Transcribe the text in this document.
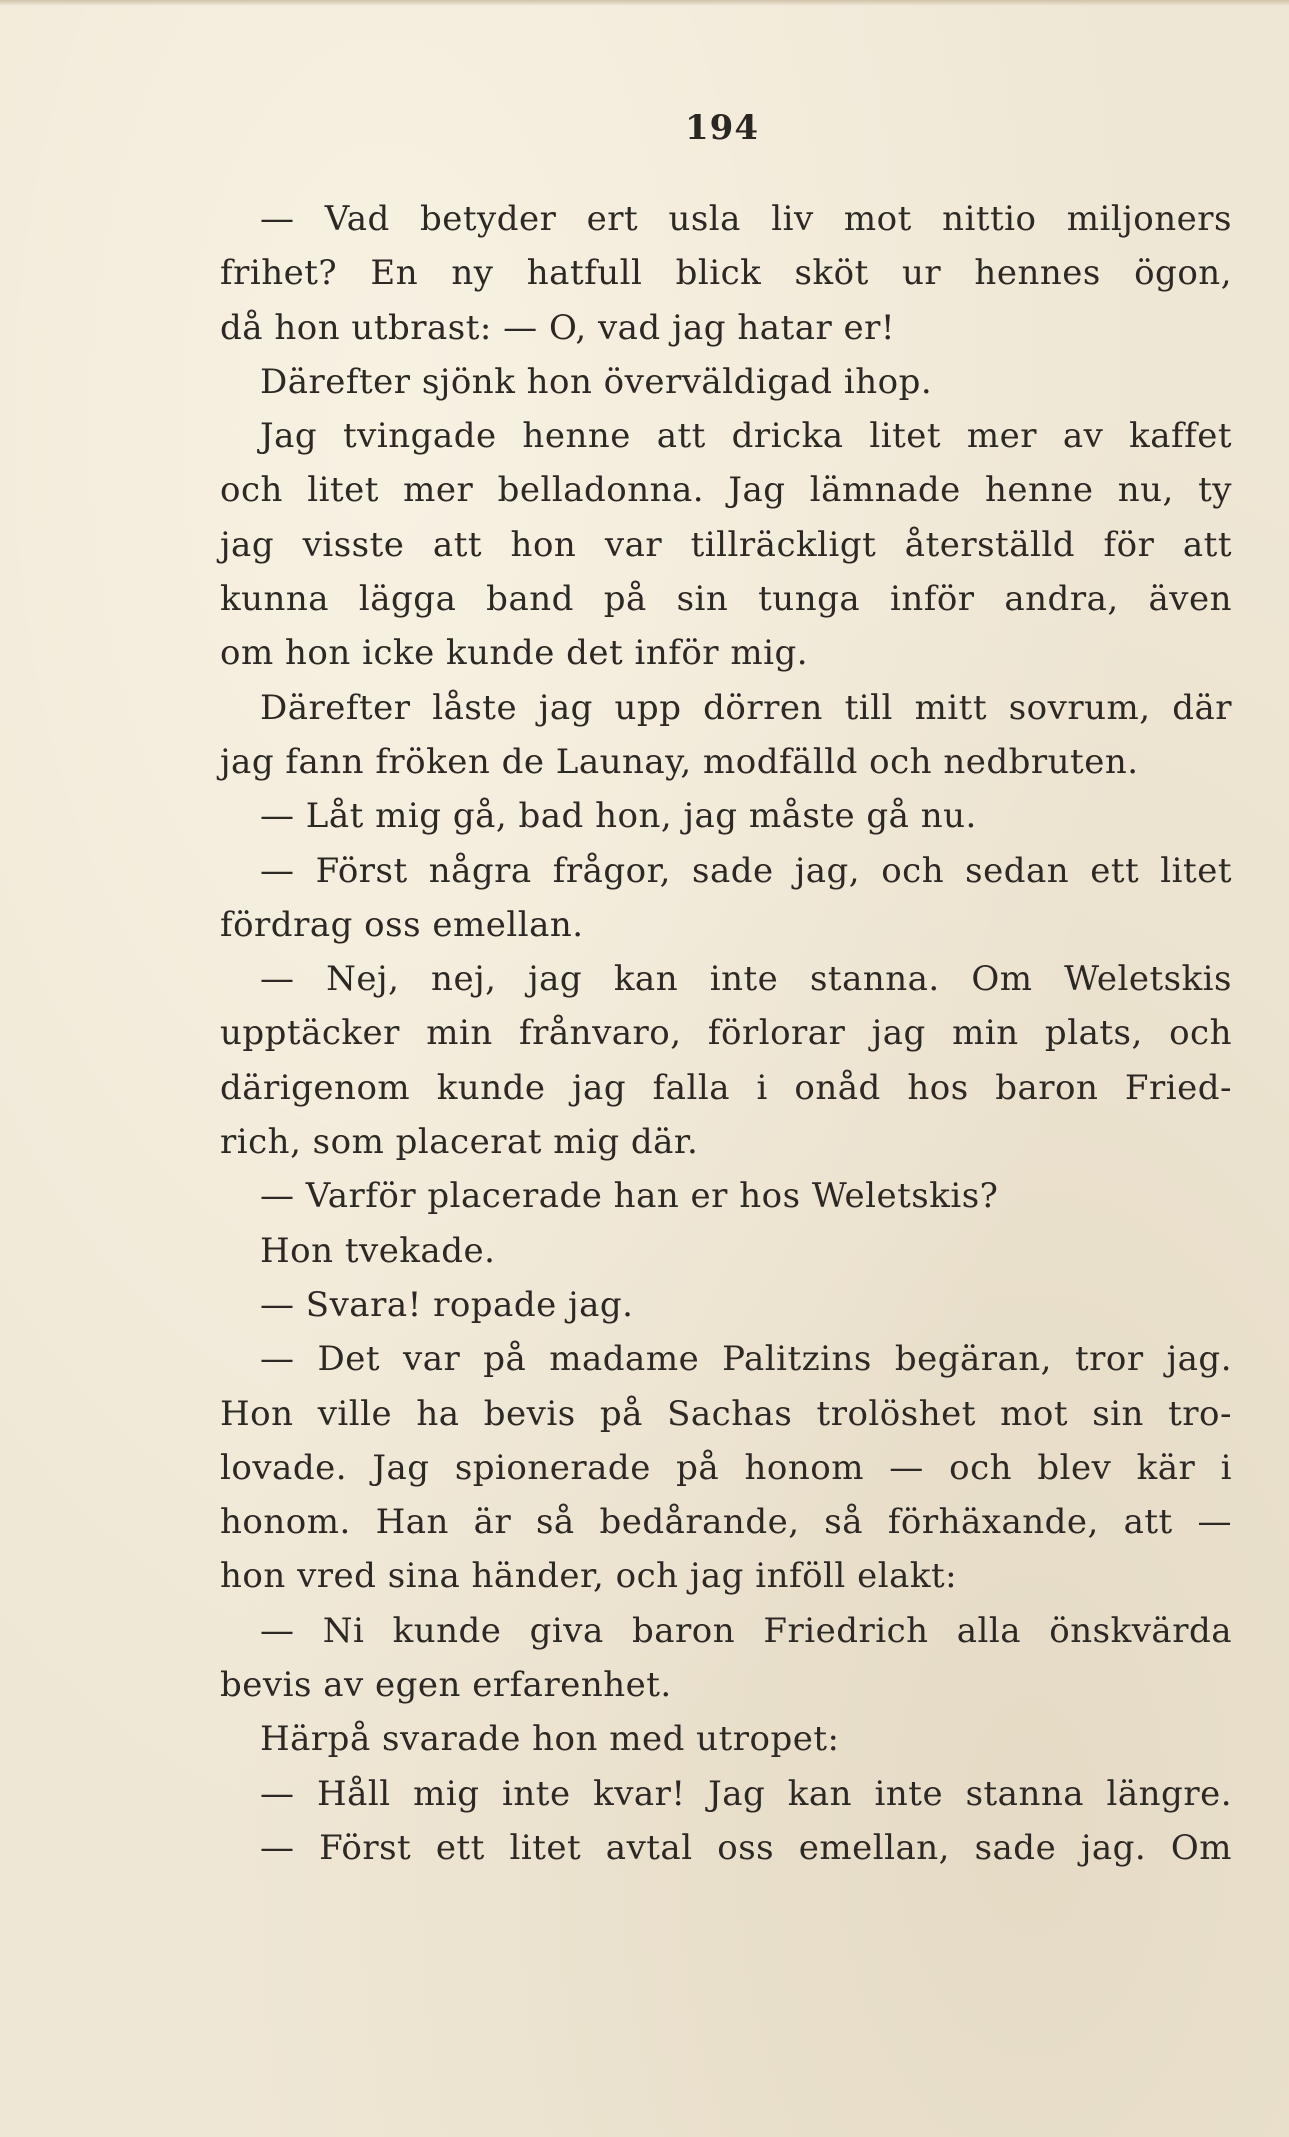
194
— Vad betyder ert usla liv mot nittio miljoners
frihet? En ny hatfull blick sköt ur hennes ögon,
då hon utbrast: — O, vad jag hatar er!
Därefter sjönk hon överväldigad ihop.
Jag tvingade henne att dricka litet mer av kaffet
och litet mer belladonna. Jag lämnade henne nu, ty
jag visste att hon var tillräckligt återställd för att
kunna lägga band på sin tunga inför andra, även
om hon icke kunde det inför mig.
Därefter låste jag upp dörren till mitt sovrum, där
jag fann fröken de Launay, modfälld och nedbruten.
— Låt mig gå, bad hon, jag måste gå nu.
— Först några frågor, sade jag, och sedan ett litet
fördrag oss emellan.
— Nej, nej, jag kan inte stanna. Om Weletskis
upptäcker min frånvaro, förlorar jag min plats, och
därigenom kunde jag falla i onåd hos baron Fried-
rich, som placerat mig där.
— Varför placerade han er hos Weletskis?
Hon tvekade.
— Svara! ropade jag.
— Det var på madame Palitzins begäran, tror jag.
Hon ville ha bevis på Sachas trolöshet mot sin tro-
lovade. Jag spionerade på honom — och blev kär i
honom. Han är så bedårande, så förhäxande, att —
hon vred sina händer, och jag inföll elakt:
— Ni kunde giva baron Friedrich alla önskvärda
bevis av egen erfarenhet.
Härpå svarade hon med utropet:
— Håll mig inte kvar! Jag kan inte stanna längre.
— Först ett litet avtal oss emellan, sade jag. Om
